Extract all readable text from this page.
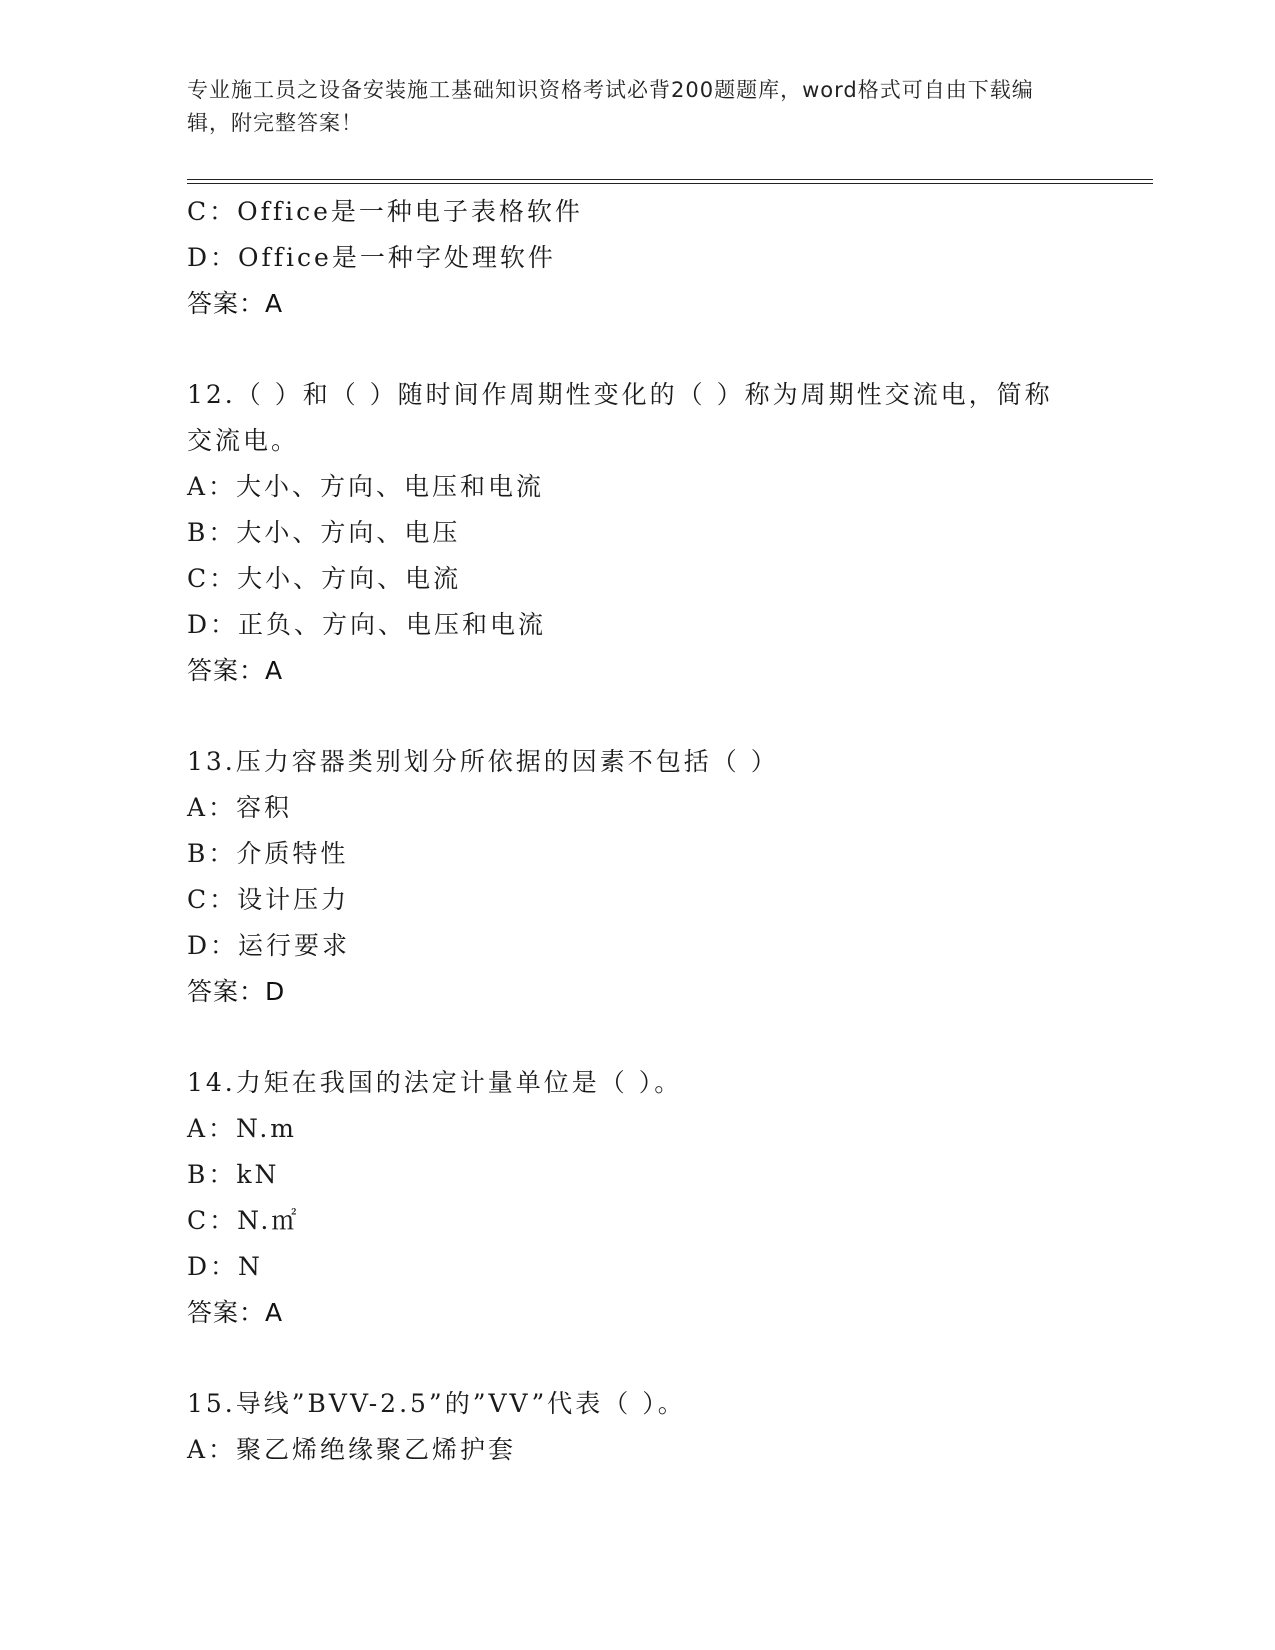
专业施工员之设备安装施工基础知识资格考试必背200题题库，word格式可自由下载编辑，附完整答案！
C：Office是一种电子表格软件
D：Office是一种字处理软件
答案：A
12.（ ）和（ ）随时间作周期性变化的（ ）称为周期性交流电，简称交流电。
A：大小、方向、电压和电流
B：大小、方向、电压
C：大小、方向、电流
D：正负、方向、电压和电流
答案：A
13.压力容器类别划分所依据的因素不包括（ ）
A：容积
B：介质特性
C：设计压力
D：运行要求
答案：D
14.力矩在我国的法定计量单位是（ ）。
A：N.m
B：kN
C：N.㎡
D：N
答案：A
15.导线”BVV-2.5”的”VV”代表（ ）。
A：聚乙烯绝缘聚乙烯护套
